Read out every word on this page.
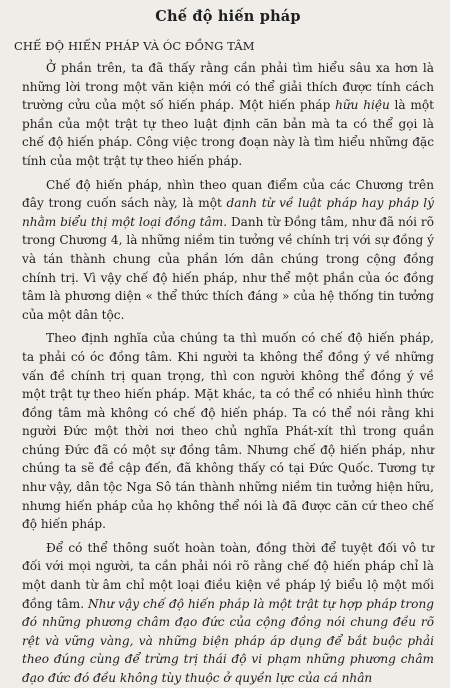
Chế độ hiến pháp
CHẾ ĐỘ HIẾN PHÁP VÀ ÓC ĐỒNG TÂM

Ở phần trên, ta đã thấy rằng cần phải tìm hiểu sâu xa hơn là những lời trong một văn kiện mới có thể giải thích được tính cách trường cửu của một số hiến pháp. Một hiến pháp hữu hiệu là một phần của một trật tự theo luật định căn bản mà ta có thể gọi là chế độ hiến pháp. Công việc trong đoạn này là tìm hiểu những đặc tính của một trật tự theo hiến pháp.

Chế độ hiến pháp, nhìn theo quan điểm của các Chương trên đây trong cuốn sách này, là một danh từ về luật pháp hay pháp lý nhằm biểu thị một loại đồng tâm. Danh từ Đồng tâm, như đã nói rõ trong Chương 4, là những niềm tin tưởng về chính trị với sự đồng ý và tán thành chung của phần lớn dân chúng trong cộng đồng chính trị. Vì vậy chế độ hiến pháp, như thể một phần của óc đồng tâm là phương diện « thể thức thích đáng » của hệ thống tin tưởng của một dân tộc.

Theo định nghĩa của chúng ta thì muốn có chế độ hiến pháp, ta phải có óc đồng tâm. Khi người ta không thể đồng ý về những vấn đề chính trị quan trọng, thì con người không thể đồng ý về một trật tự theo hiến pháp. Mặt khác, ta có thể có nhiều hình thức đồng tâm mà không có chế độ hiến pháp. Ta có thể nói rằng khi người Đức một thời nơi theo chủ nghĩa Phát-xít thì trong quần chúng Đức đã có một sự đồng tâm. Nhưng chế độ hiến pháp, như chúng ta sẽ đề cập đến, đã không thấy có tại Đức Quốc. Tương tự như vậy, dân tộc Nga Sô tán thành những niềm tin tưởng hiện hữu, nhưng hiến pháp của họ không thể nói là đã được căn cứ theo chế độ hiến pháp.

Để có thể thông suốt hoàn toàn, đồng thời để tuyệt đối vô tư đối với mọi người, ta cần phải nói rõ rằng chế độ hiến pháp chỉ là một danh từ âm chỉ một loại điều kiện về pháp lý biểu lộ một mối đồng tâm. Như vậy chế độ hiến pháp là một trật tự hợp pháp trong đó những phương châm đạo đức của cộng đồng nói chung đều rõ rệt và vững vàng, và những biện pháp áp dụng để bắt buộc phải theo đúng cùng để trừng trị thái độ vi phạm những phương châm đạo đức đó đều không tùy thuộc ở quyền lực của cá nhân
